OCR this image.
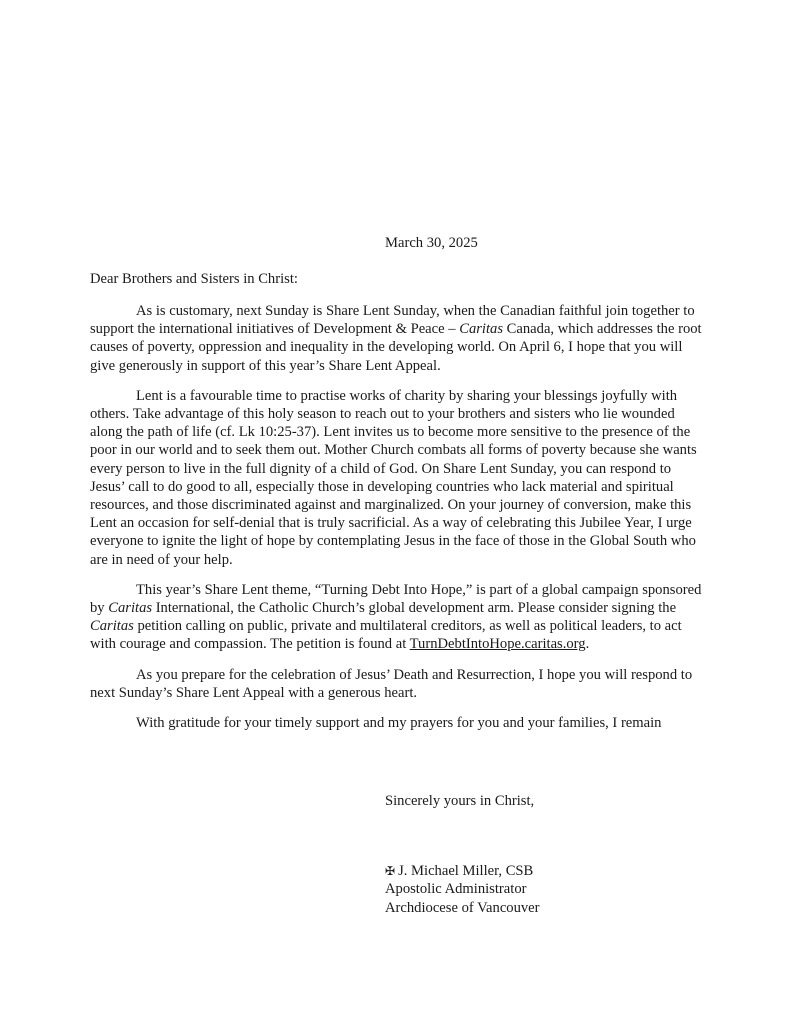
March 30, 2025
Dear Brothers and Sisters in Christ:

As is customary, next Sunday is Share Lent Sunday, when the Canadian faithful join together to support the international initiatives of Development & Peace – Caritas Canada, which addresses the root causes of poverty, oppression and inequality in the developing world. On April 6, I hope that you will give generously in support of this year’s Share Lent Appeal.

Lent is a favourable time to practise works of charity by sharing your blessings joyfully with others. Take advantage of this holy season to reach out to your brothers and sisters who lie wounded along the path of life (cf. Lk 10:25-37). Lent invites us to become more sensitive to the presence of the poor in our world and to seek them out. Mother Church combats all forms of poverty because she wants every person to live in the full dignity of a child of God. On Share Lent Sunday, you can respond to Jesus’ call to do good to all, especially those in developing countries who lack material and spiritual resources, and those discriminated against and marginalized. On your journey of conversion, make this Lent an occasion for self-denial that is truly sacrificial. As a way of celebrating this Jubilee Year, I urge everyone to ignite the light of hope by contemplating Jesus in the face of those in the Global South who are in need of your help.

This year’s Share Lent theme, “Turning Debt Into Hope,” is part of a global campaign sponsored by Caritas International, the Catholic Church’s global development arm. Please consider signing the Caritas petition calling on public, private and multilateral creditors, as well as political leaders, to act with courage and compassion. The petition is found at TurnDebtIntoHope.caritas.org.

As you prepare for the celebration of Jesus’ Death and Resurrection, I hope you will respond to next Sunday’s Share Lent Appeal with a generous heart.

With gratitude for your timely support and my prayers for you and your families, I remain

Sincerely yours in Christ,
✠ J. Michael Miller, CSB
Apostolic Administrator
Archdiocese of Vancouver
